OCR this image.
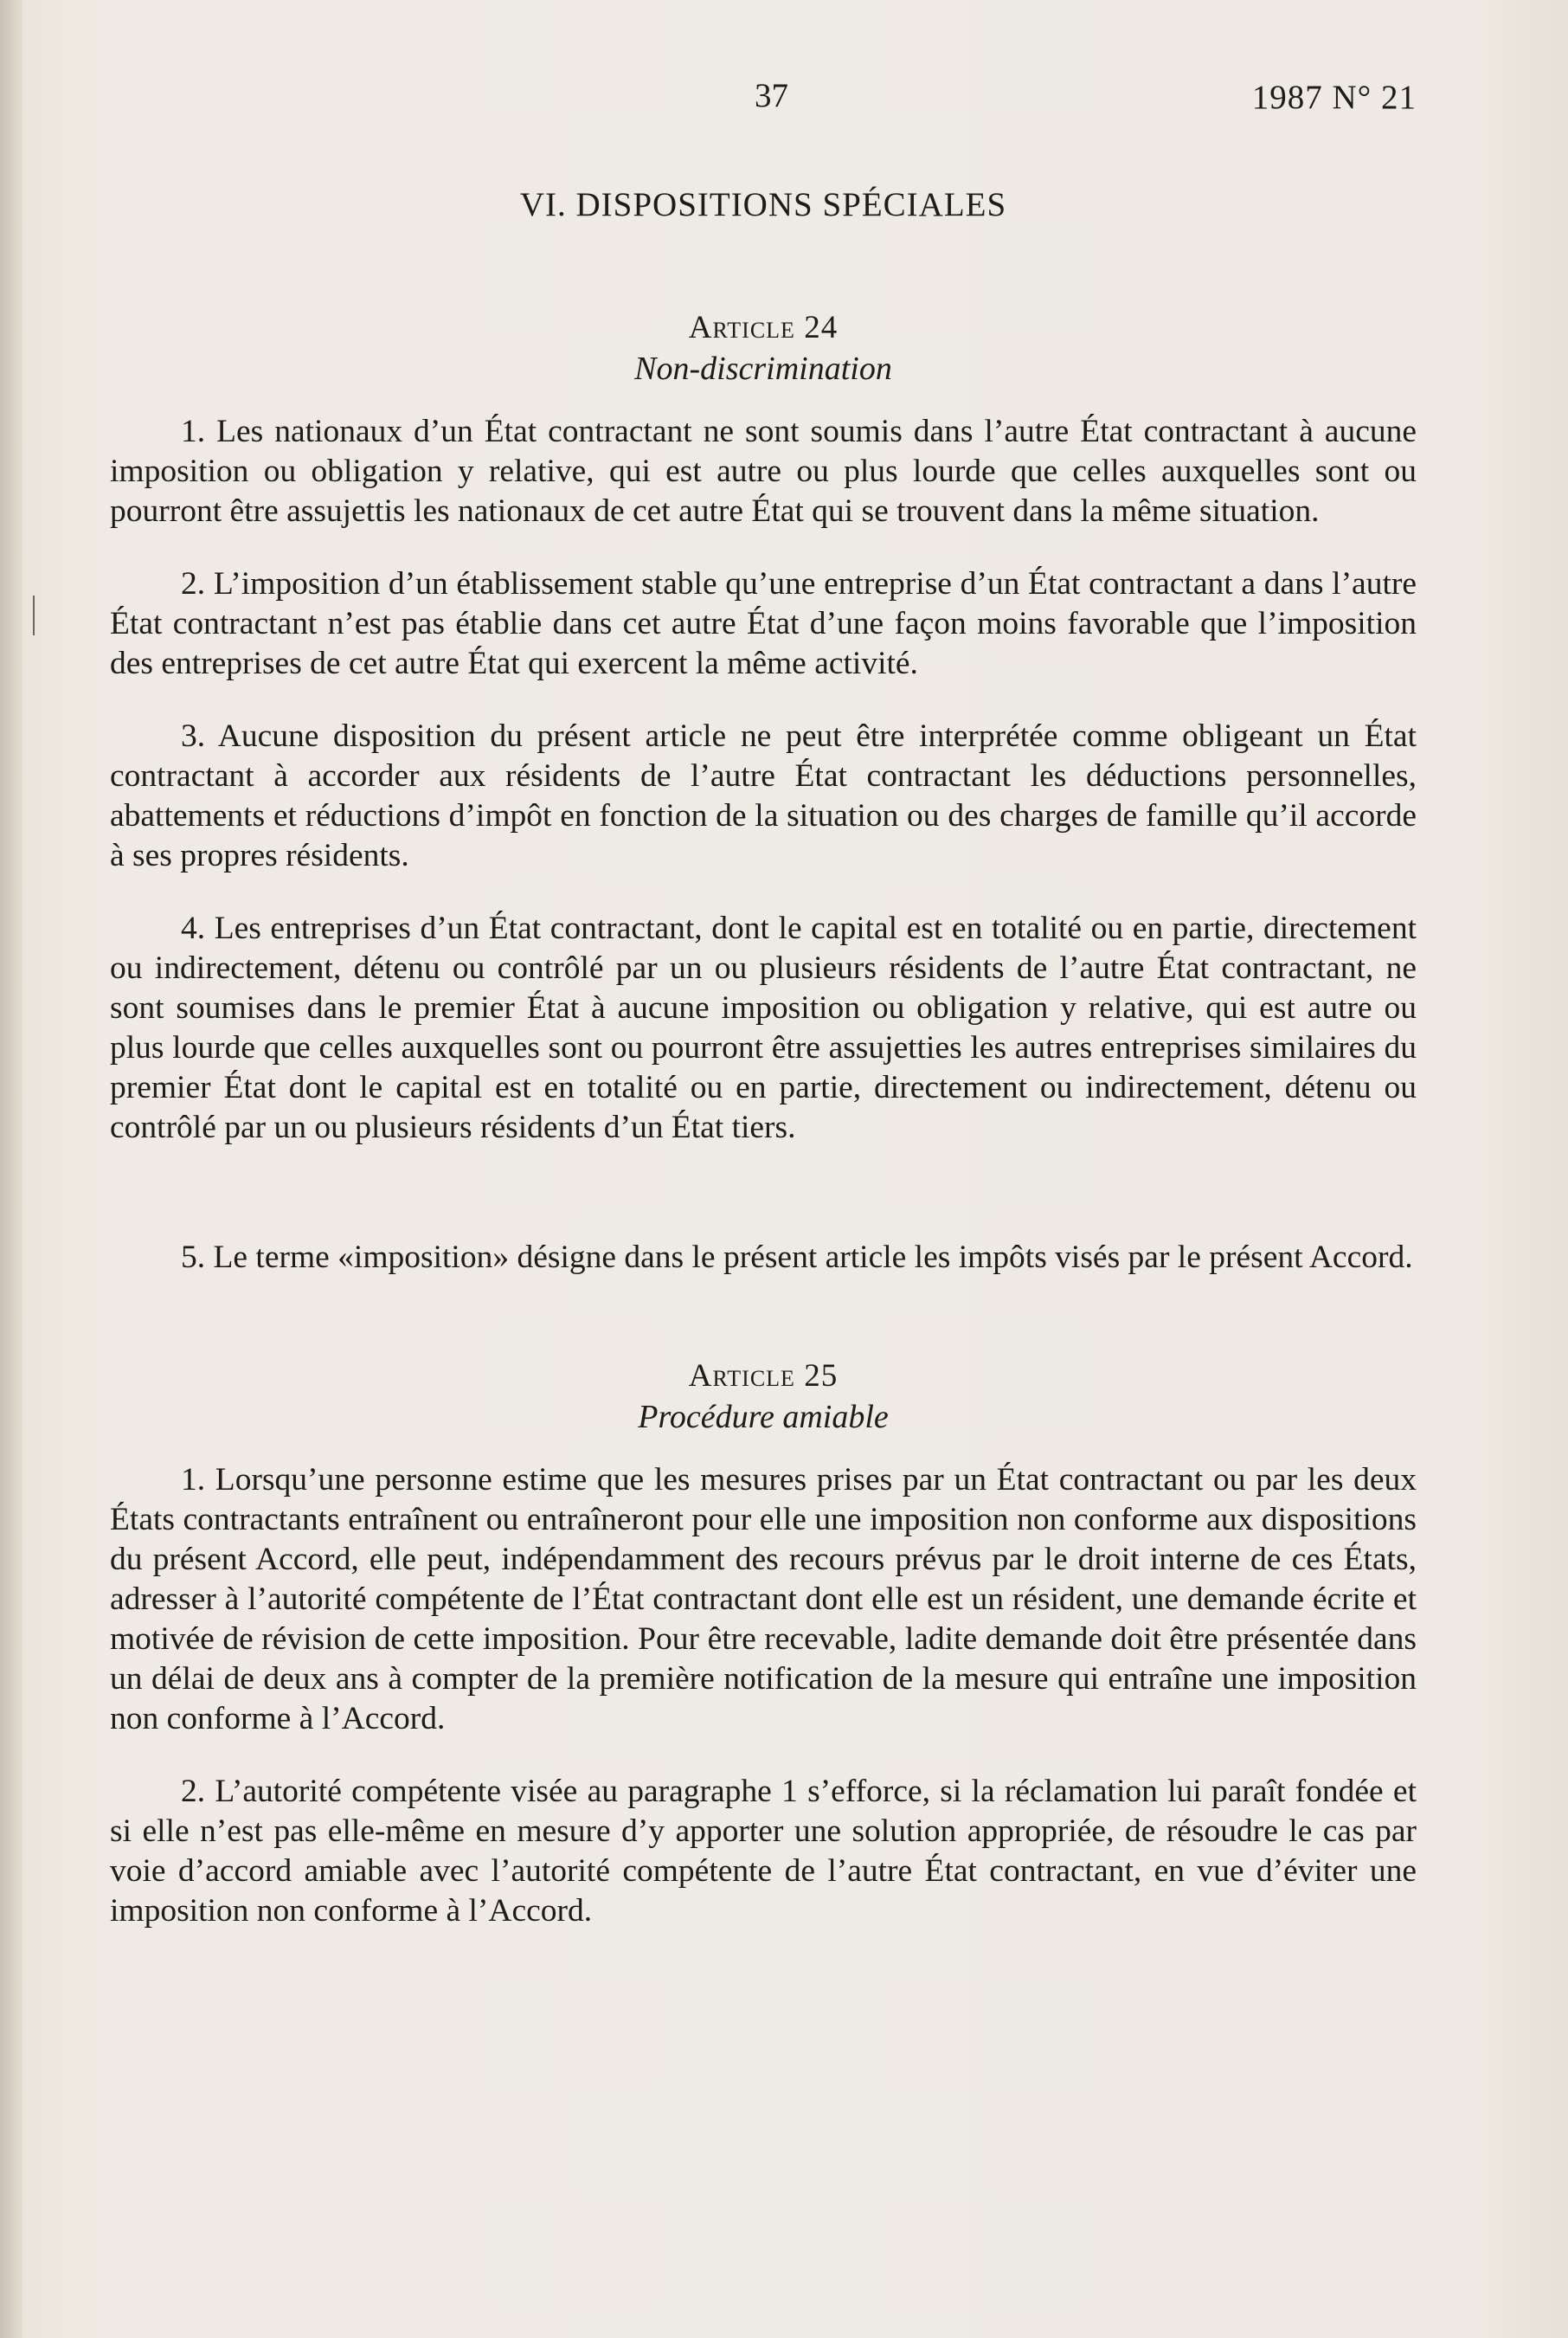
37	1987 N° 21
VI. DISPOSITIONS SPÉCIALES
Article 24
Non-discrimination

1. Les nationaux d’un État contractant ne sont soumis dans l’autre État contractant à aucune imposition ou obligation y relative, qui est autre ou plus lourde que celles auxquelles sont ou pourront être assujettis les nationaux de cet autre État qui se trouvent dans la même situation.

2. L’imposition d’un établissement stable qu’une entreprise d’un État contractant a dans l’autre État contractant n’est pas établie dans cet autre État d’une façon moins favorable que l’imposition des entreprises de cet autre État qui exercent la même activité.

3. Aucune disposition du présent article ne peut être interprétée comme obligeant un État contractant à accorder aux résidents de l’autre État contractant les déductions personnelles, abattements et réductions d’impôt en fonction de la situation ou des charges de famille qu’il accorde à ses propres résidents.

4. Les entreprises d’un État contractant, dont le capital est en totalité ou en partie, directement ou indirectement, détenu ou contrôlé par un ou plusieurs résidents de l’autre État contractant, ne sont soumises dans le premier État à aucune imposition ou obligation y relative, qui est autre ou plus lourde que celles auxquelles sont ou pourront être assujetties les autres entreprises similaires du premier État dont le capital est en totalité ou en partie, directement ou indirectement, détenu ou contrôlé par un ou plusieurs résidents d’un État tiers.

5. Le terme «imposition» désigne dans le présent article les impôts visés par le présent Accord.

Article 25
Procédure amiable

1. Lorsqu’une personne estime que les mesures prises par un État contractant ou par les deux États contractants entraînent ou entraîneront pour elle une imposition non conforme aux dispositions du présent Accord, elle peut, indépendamment des recours prévus par le droit interne de ces États, adresser à l’autorité compétente de l’État contractant dont elle est un résident, une demande écrite et motivée de révision de cette imposition. Pour être recevable, ladite demande doit être présentée dans un délai de deux ans à compter de la première notification de la mesure qui entraîne une imposition non conforme à l’Accord.

2. L’autorité compétente visée au paragraphe 1 s’efforce, si la réclamation lui paraît fondée et si elle n’est pas elle-même en mesure d’y apporter une solution appropriée, de résoudre le cas par voie d’accord amiable avec l’autorité compétente de l’autre État contractant, en vue d’éviter une imposition non conforme à l’Accord.
